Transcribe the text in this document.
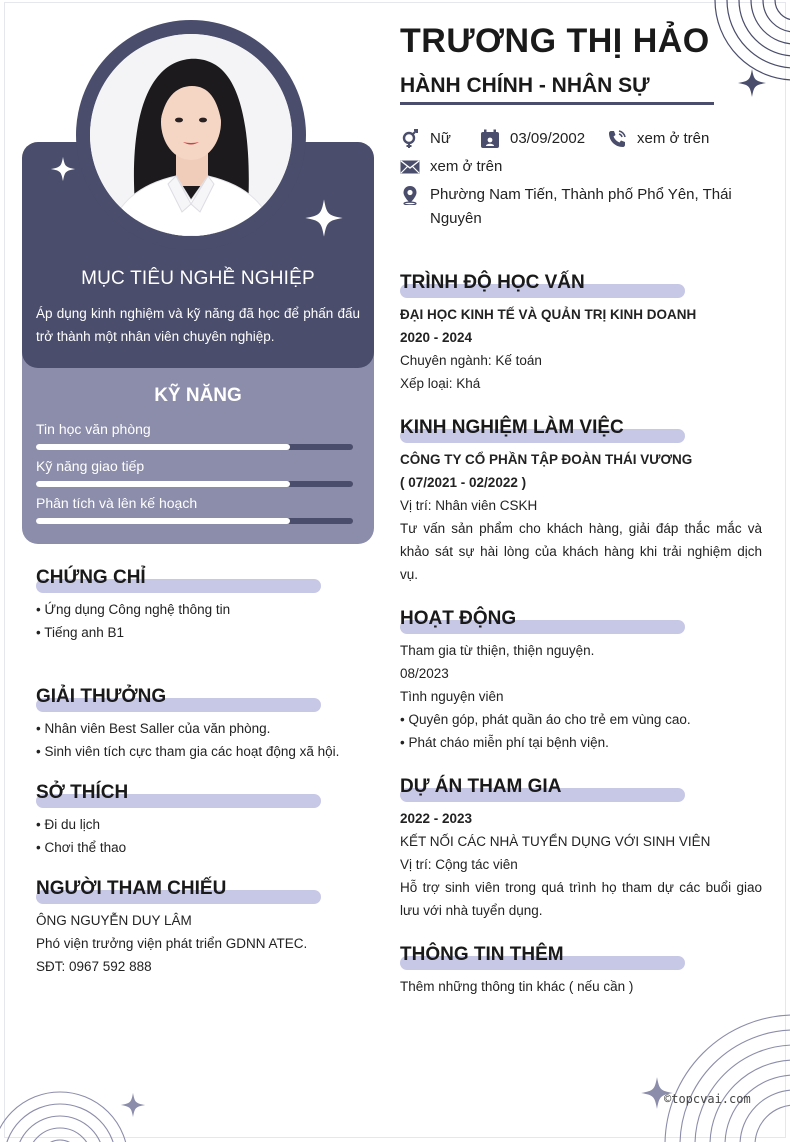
MỤC TIÊU NGHỀ NGHIỆP
Áp dụng kinh nghiệm và kỹ năng đã học để phấn đấu trở thành một nhân viên chuyên nghiệp.
KỸ NĂNG
Tin học văn phòng
Kỹ năng giao tiếp
Phân tích và lên kế hoạch
CHỨNG CHỈ
• Ứng dụng Công nghệ thông tin
• Tiếng anh B1
GIẢI THƯỞNG
• Nhân viên Best Saller của văn phòng.
• Sinh viên tích cực tham gia các hoạt động xã hội.
SỞ THÍCH
• Đi du lịch
• Chơi thể thao
NGƯỜI THAM CHIẾU
ÔNG NGUYỄN DUY LÂM
Phó viện trưởng viện phát triển GDNN ATEC.
SĐT: 0967 592 888
TRƯƠNG THỊ HẢO
HÀNH CHÍNH - NHÂN SỰ
Nữ	03/09/2002	xem ở trên
xem ở trên
Phường Nam Tiến, Thành phố Phổ Yên, Thái
Nguyên
TRÌNH ĐỘ HỌC VẤN
ĐẠI HỌC KINH TẾ VÀ QUẢN TRỊ KINH DOANH
2020 - 2024
Chuyên ngành: Kế toán
Xếp loại: Khá
KINH NGHIỆM LÀM VIỆC
CÔNG TY CỔ PHẦN TẬP ĐOÀN THÁI VƯƠNG
( 07/2021 - 02/2022 )
Vị trí: Nhân viên CSKH
Tư vấn sản phẩm cho khách hàng, giải đáp thắc mắc và khảo sát sự hài lòng của khách hàng khi trải nghiệm dịch vụ.
HOẠT ĐỘNG
Tham gia từ thiện, thiện nguyện.
08/2023
Tình nguyện viên
• Quyên góp, phát quần áo cho trẻ em vùng cao.
• Phát cháo miễn phí tại bệnh viện.
DỰ ÁN THAM GIA
2022 - 2023
KẾT NỐI CÁC NHÀ TUYỂN DỤNG VỚI SINH VIÊN
Vị trí: Cộng tác viên
Hỗ trợ sinh viên trong quá trình họ tham dự các buổi giao lưu với nhà tuyển dụng.
THÔNG TIN THÊM
Thêm những thông tin khác ( nếu cần )
©topcvai.com
